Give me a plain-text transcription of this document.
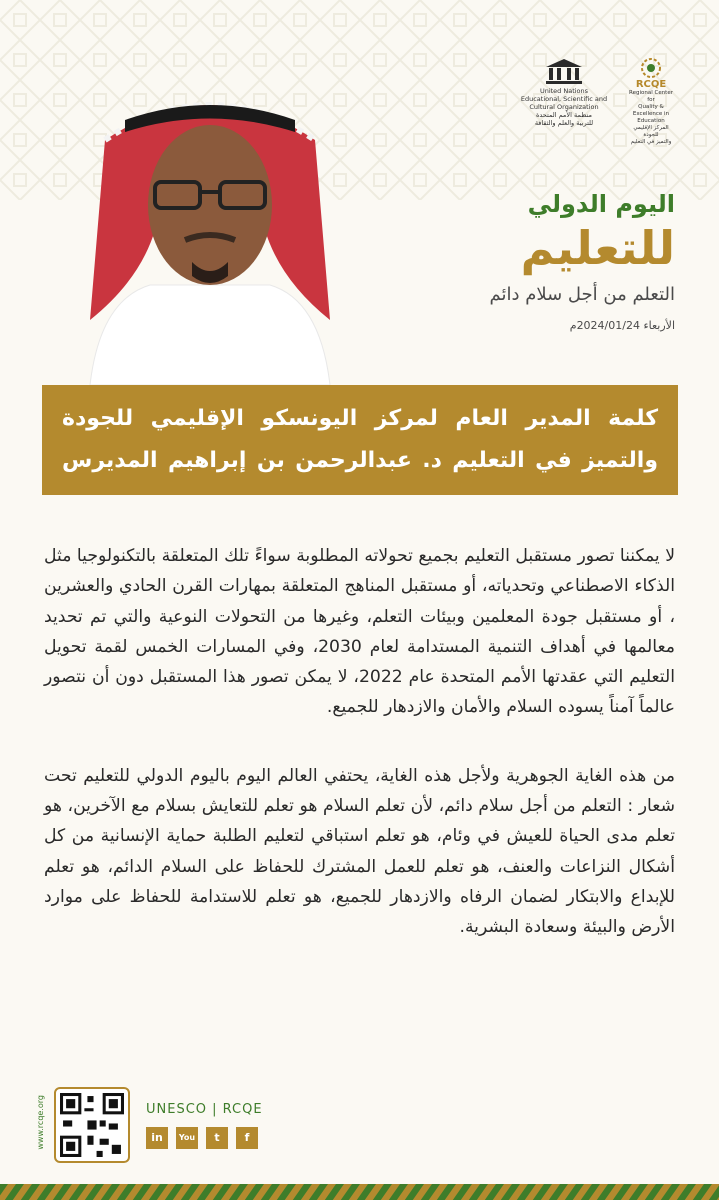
United Nations
Educational, Scientific and
Cultural Organization
منظمة الأمم المتحدة
للتربية والعلم والثقافة
RCQE
Regional Center for
Quality & Excellence in
Education
المركز الإقليمي للجودة
والتميز في التعليم
اليوم الدولي
للتعليم
التعلم من أجل سلام دائم
الأربعاء 2024/01/24م
كلمة المدير العام لمركز اليونسكو الإقليمي للجودة والتميز في التعليم د. عبدالرحمن بن إبراهيم المديرس

لا يمكننا تصور مستقبل التعليم بجميع تحولاته المطلوبة سواءً تلك المتعلقة بالتكنولوجيا مثل الذكاء الاصطناعي وتحدياته، أو مستقبل المناهج المتعلقة بمهارات القرن الحادي والعشرين ، أو مستقبل جودة المعلمين وبيئات التعلم، وغيرها من التحولات النوعية والتي تم تحديد معالمها في أهداف التنمية المستدامة لعام 2030، وفي المسارات الخمس لقمة تحويل التعليم التي عقدتها الأمم المتحدة عام 2022، لا يمكن تصور هذا المستقبل دون أن نتصور عالماً آمناً يسوده السلام والأمان والازدهار للجميع.

من هذه الغاية الجوهرية ولأجل هذه الغاية، يحتفي العالم اليوم باليوم الدولي للتعليم تحت شعار : التعلم من أجل سلام دائم، لأن تعلم السلام هو تعلم للتعايش بسلام مع الآخرين، هو تعلم مدى الحياة للعيش في وئام، هو تعلم استباقي لتعليم الطلبة حماية الإنسانية من كل أشكال النزاعات والعنف، هو تعلم للعمل المشترك للحفاظ على السلام الدائم، هو تعلم للإبداع والابتكار لضمان الرفاه والازدهار للجميع، هو تعلم للاستدامة للحفاظ على موارد الأرض والبيئة وسعادة البشرية.

www.rcqe.org	UNESCO | RCQE
in	You	t	f
